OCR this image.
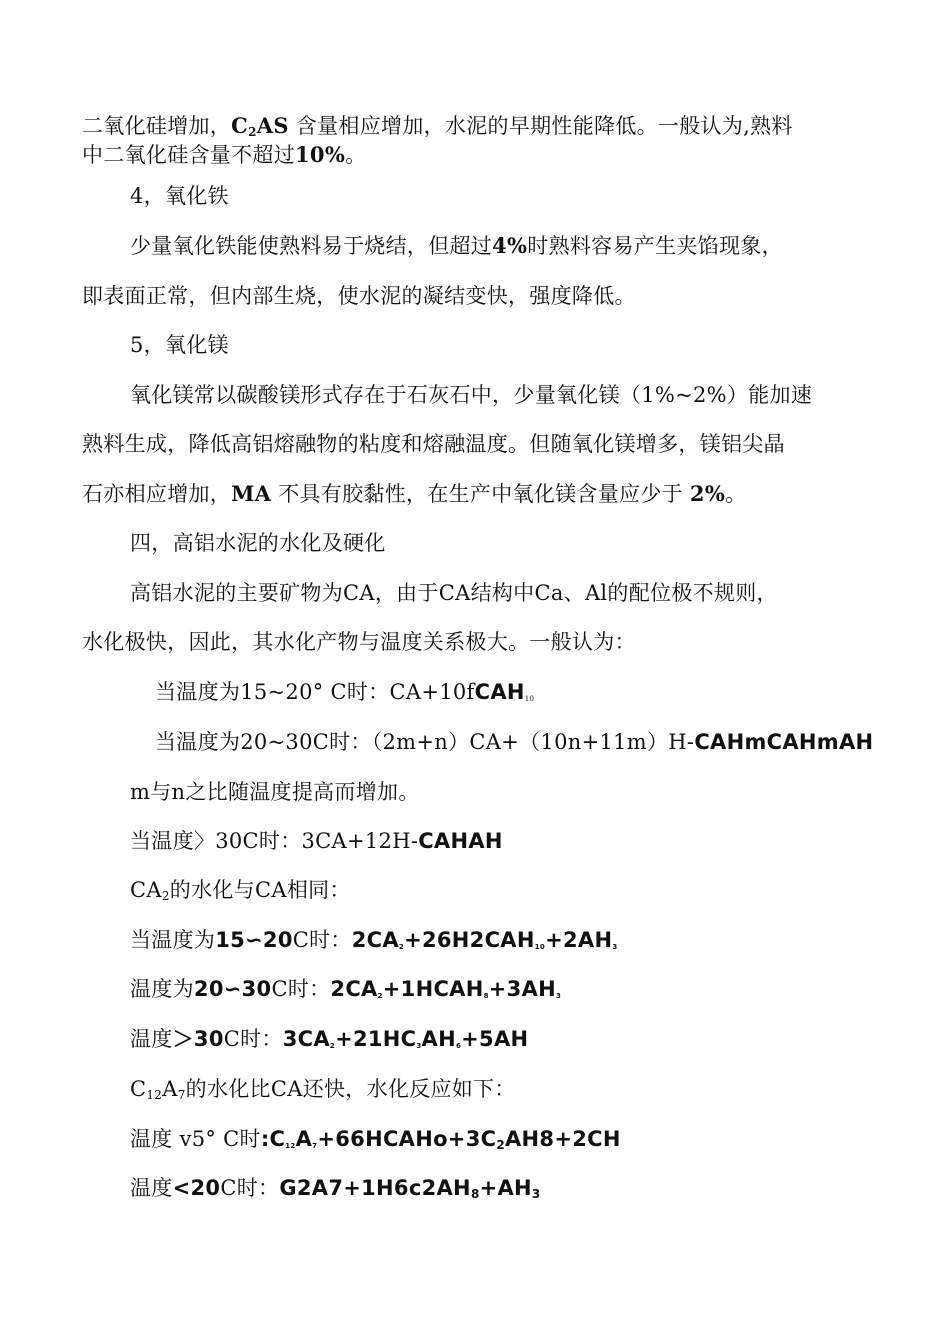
二氧化硅增加，$C_2AS$ 含量相应增加，水泥的早期性能降低。一般认为,熟料
中二氧化硅含量不超过10%。
4，氧化铁
少量氧化铁能使熟料易于烧结，但超过4%时熟料容易产生夹馅现象，
即表面正常，但内部生烧，使水泥的凝结变快，强度降低。
5，氧化镁
氧化镁常以碳酸镁形式存在于石灰石中，少量氧化镁（1%~2%）能加速
熟料生成，降低高铝熔融物的粘度和熔融温度。但随氧化镁增多，镁铝尖晶
石亦相应增加，MA 不具有胶黏性，在生产中氧化镁含量应少于 2%。
四，高铝水泥的水化及硬化
高铝水泥的主要矿物为CA，由于CA结构中Ca、Al的配位极不规则，
水化极快，因此，其水化产物与温度关系极大。一般认为：
当温度为15~20° C时：CA+10fCAH$_{10}$
当温度为20~30C时：（2m+n）CA+（10n+11m）H-CAHmCAHmAH
m与n之比随温度提高而增加。
当温度〉30C时：3CA+12H-CAHAH
$CA_2$的水化与CA相同：
当温度为15∽20C时：$2CA_2+26H2CAH_{10}+2AH_3$
温度为20∽30C时：$2CA_2+1HCAH_8+3AH_3$
温度＞30C时：$3CA_2+21HC_3AH_6+5AH$
$C_{12}A_7$的水化比CA还快，水化反应如下：
温度 v5° C时$:C_{12}A_7+66HCAHo+3C_2AH8+2CH$
温度<20C时：$G2A7+1H6c2AH_8+AH_3$
